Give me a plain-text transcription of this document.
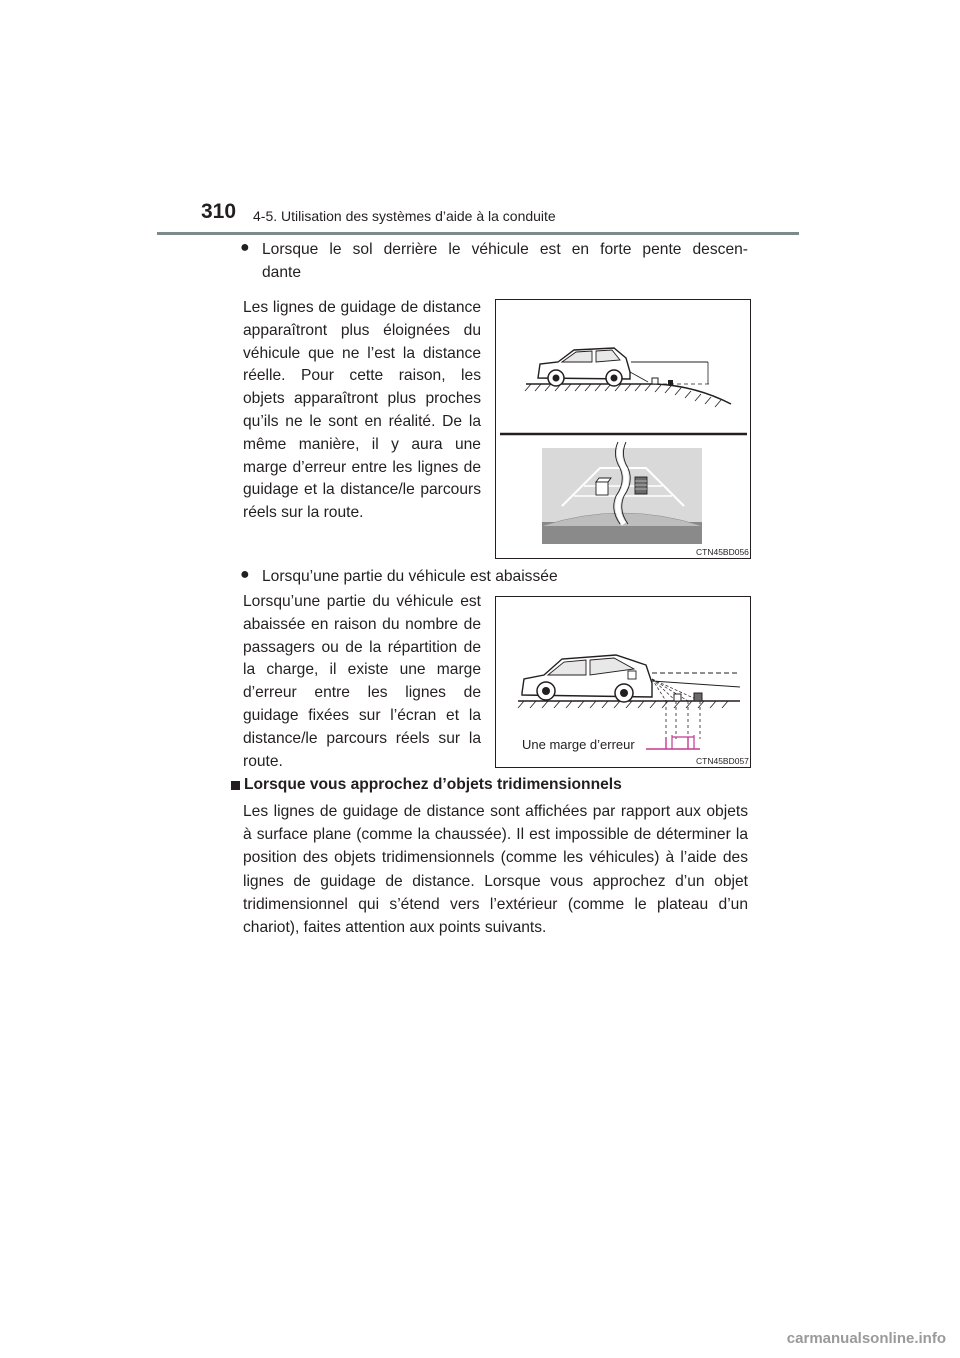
310 4-5. Utilisation des systèmes d’aide à la conduite
● Lorsque le sol derrière le véhicule est en forte pente descen-
dante
Les lignes de guidage de distance apparaîtront plus éloignées du véhicule que ne l’est la distance réelle. Pour cette raison, les objets apparaîtront plus proches qu’ils ne le sont en réalité. De la même manière, il y aura une marge d’erreur entre les lignes de guidage et la distance/le parcours réels sur la route.
CTN45BD056
● Lorsqu’une partie du véhicule est abaissée
Lorsqu’une partie du véhicule est abaissée en raison du nombre de passagers ou de la répartition de la charge, il existe une marge d’erreur entre les lignes de guidage fixées sur l’écran et la distance/le parcours réels sur la route.
Une marge d’erreur
CTN45BD057
Lorsque vous approchez d’objets tridimensionnels
Les lignes de guidage de distance sont affichées par rapport aux objets à surface plane (comme la chaussée). Il est impossible de déterminer la position des objets tridimensionnels (comme les véhicules) à l’aide des lignes de guidage de distance. Lorsque vous approchez d’un objet tridimensionnel qui s’étend vers l’extérieur (comme le plateau d’un chariot), faites attention aux points suivants.
carmanualsonline.info
